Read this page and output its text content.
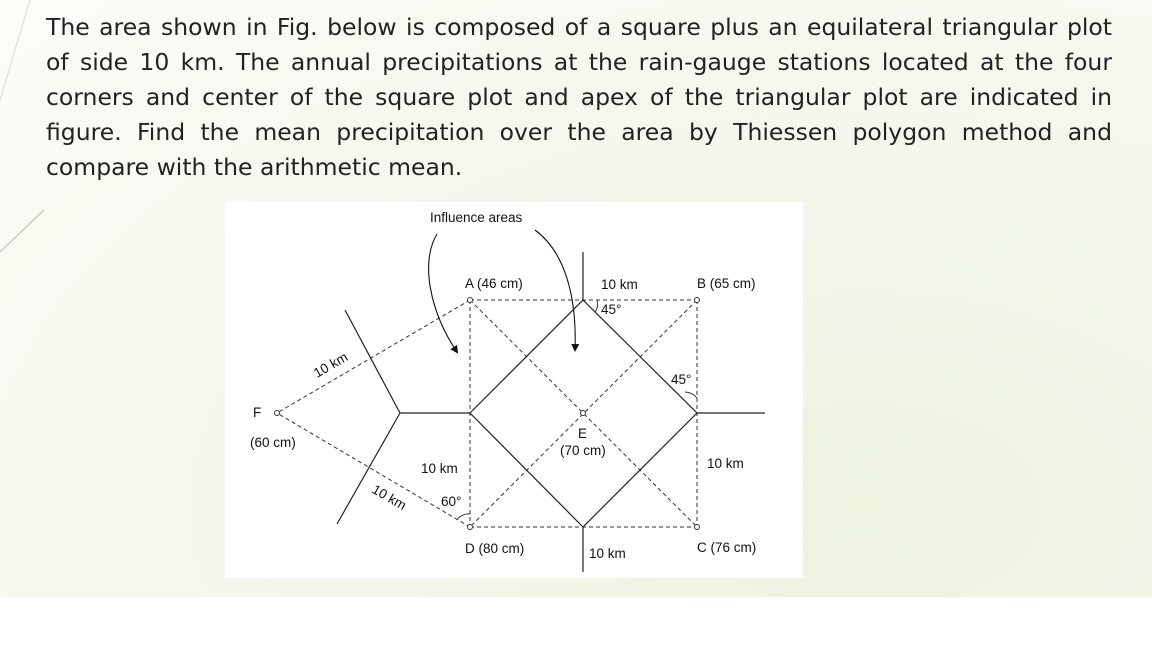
The area shown in Fig. below is composed of a square plus an equilateral triangular plot of side 10 km. The annual precipitations at the rain-gauge stations located at the four corners and center of the square plot and apex of the triangular plot are indicated in figure. Find the mean precipitation over the area by Thiessen polygon method and compare with the arithmetic mean.

Influence areas
A (46 cm)	B (65 cm)
C (76 cm)
D (80 cm)
E
(70 cm)
F
(60 cm)
10 km
10 km
10 km
10 km
10 km
10 km
45°
45°
60°
